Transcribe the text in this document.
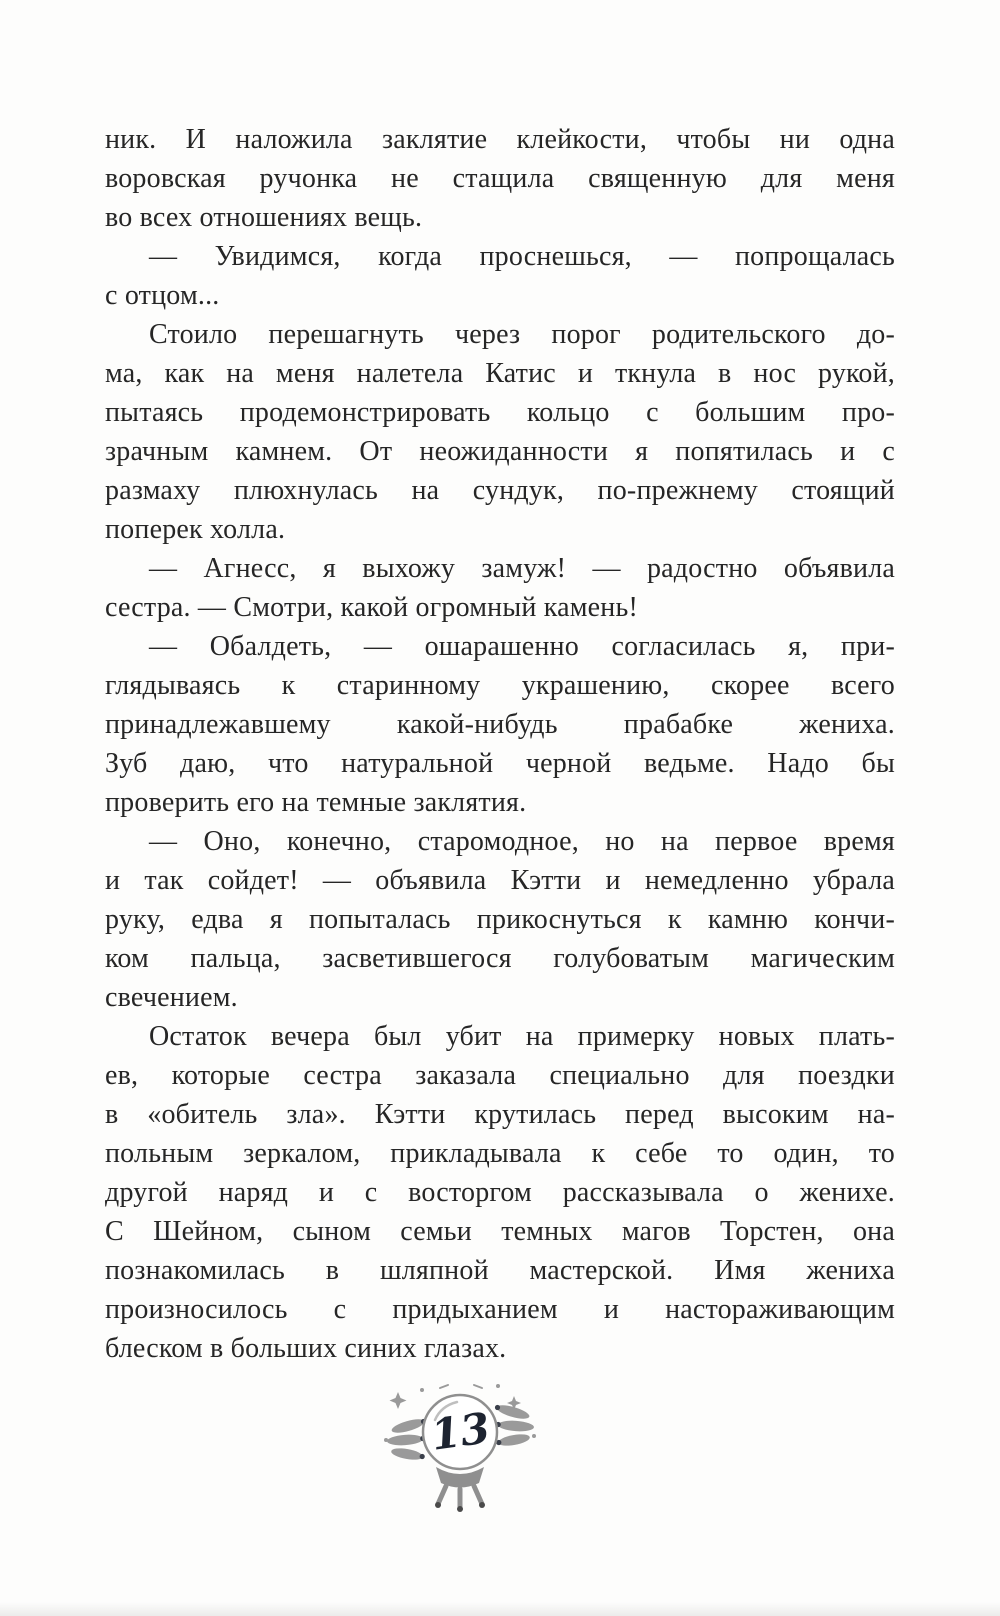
ник. И наложила заклятие клейкости, чтобы ни одна
воровская ручонка не стащила священную для меня
во всех отношениях вещь.
— Увидимся, когда проснешься, — попрощалась
с отцом...
Стоило перешагнуть через порог родительского до-
ма, как на меня налетела Катис и ткнула в нос рукой,
пытаясь продемонстрировать кольцо с большим про-
зрачным камнем. От неожиданности я попятилась и с
размаху плюхнулась на сундук, по-прежнему стоящий
поперек холла.
— Агнесс, я выхожу замуж! — радостно объявила
сестра. — Смотри, какой огромный камень!
— Обалдеть, — ошарашенно согласилась я, при-
глядываясь к старинному украшению, скорее всего
принадлежавшему какой-нибудь прабабке жениха.
Зуб даю, что натуральной черной ведьме. Надо бы
проверить его на темные заклятия.
— Оно, конечно, старомодное, но на первое время
и так сойдет! — объявила Кэтти и немедленно убрала
руку, едва я попыталась прикоснуться к камню кончи-
ком пальца, засветившегося голубоватым магическим
свечением.
Остаток вечера был убит на примерку новых плать-
ев, которые сестра заказала специально для поездки
в «обитель зла». Кэтти крутилась перед высоким на-
польным зеркалом, прикладывала к себе то один, то
другой наряд и с восторгом рассказывала о женихе.
С Шейном, сыном семьи темных магов Торстен, она
познакомилась в шляпной мастерской. Имя жениха
произносилось с придыханием и настораживающим
блеском в больших синих глазах.
13
